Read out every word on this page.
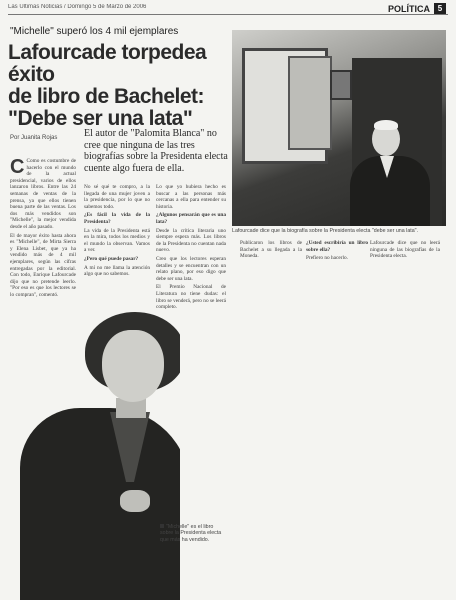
Las Últimas Noticias / Domingo 5 de Marzo de 2006	POLÍTICA 5
"Michelle" superó los 4 mil ejemplares
Lafourcade torpedea éxito
de libro de Bachelet:
"Debe ser una lata"
Por Juanita Rojas	El autor de "Palomita Blanca" no cree que ninguna de las tres biografías sobre la Presidenta electa cuente algo fuera de ella.

C Como es costumbre de hacerlo con el mundo de la actual presidencial, varios de ellos lanzaron libros. Entre las 24 semanas de ventas de la prensa, ya que ellos tienen buena parte de las ventas. Los dos más vendidos son "Michelle", la mejor vendida desde el año pasado.

El de mayor éxito hasta ahora es "Michelle", de Mirta Sierra y Elena Lisbet, que ya ha vendido más de 4 mil ejemplares, según las cifras entregadas por la editorial. Con todo, Enrique Lafourcade dijo que no pretende leerlo. "Por eso es que los lectores se lo compran", comentó.

No sé qué te compro, a la llegada de una mujer joven a la presidencia, por lo que no sabemos todo.

¿Es fácil la vida de la Presidenta?

La vida de la Presidenta está en la mira, todos los medios y el mundo la observan. Vamos a ver.

¿Pero qué puede pasar?

A mí no me llama la atención algo que no sabemos.

Lo que yo hubiera hecho es buscar a las personas más cercanas a ella para entender su historia.

¿Algunos pensarán que es una lata?

Desde la crítica literaria uno siempre espera más. Los libros de la Presidenta no cuentan nada nuevo.

Creo que los lectores esperan detalles y se encuentran con un relato plano, por eso digo que debe ser una lata.

El Premio Nacional de Literatura no tiene dudas: el libro se venderá, pero no se leerá completo.

Lafourcade dice que la biografía sobre la Presidenta electa "debe ser una lata".

Publicaron los libros de Bachelet a su llegada a la Moneda.

¿Usted escribiría un libro sobre ella?

Prefiero no hacerlo.

Lafourcade dice que no leerá ninguna de las biografías de la Presidenta electa.

"Michelle" es el libro sobre la Presidenta electa que más ha vendido.
